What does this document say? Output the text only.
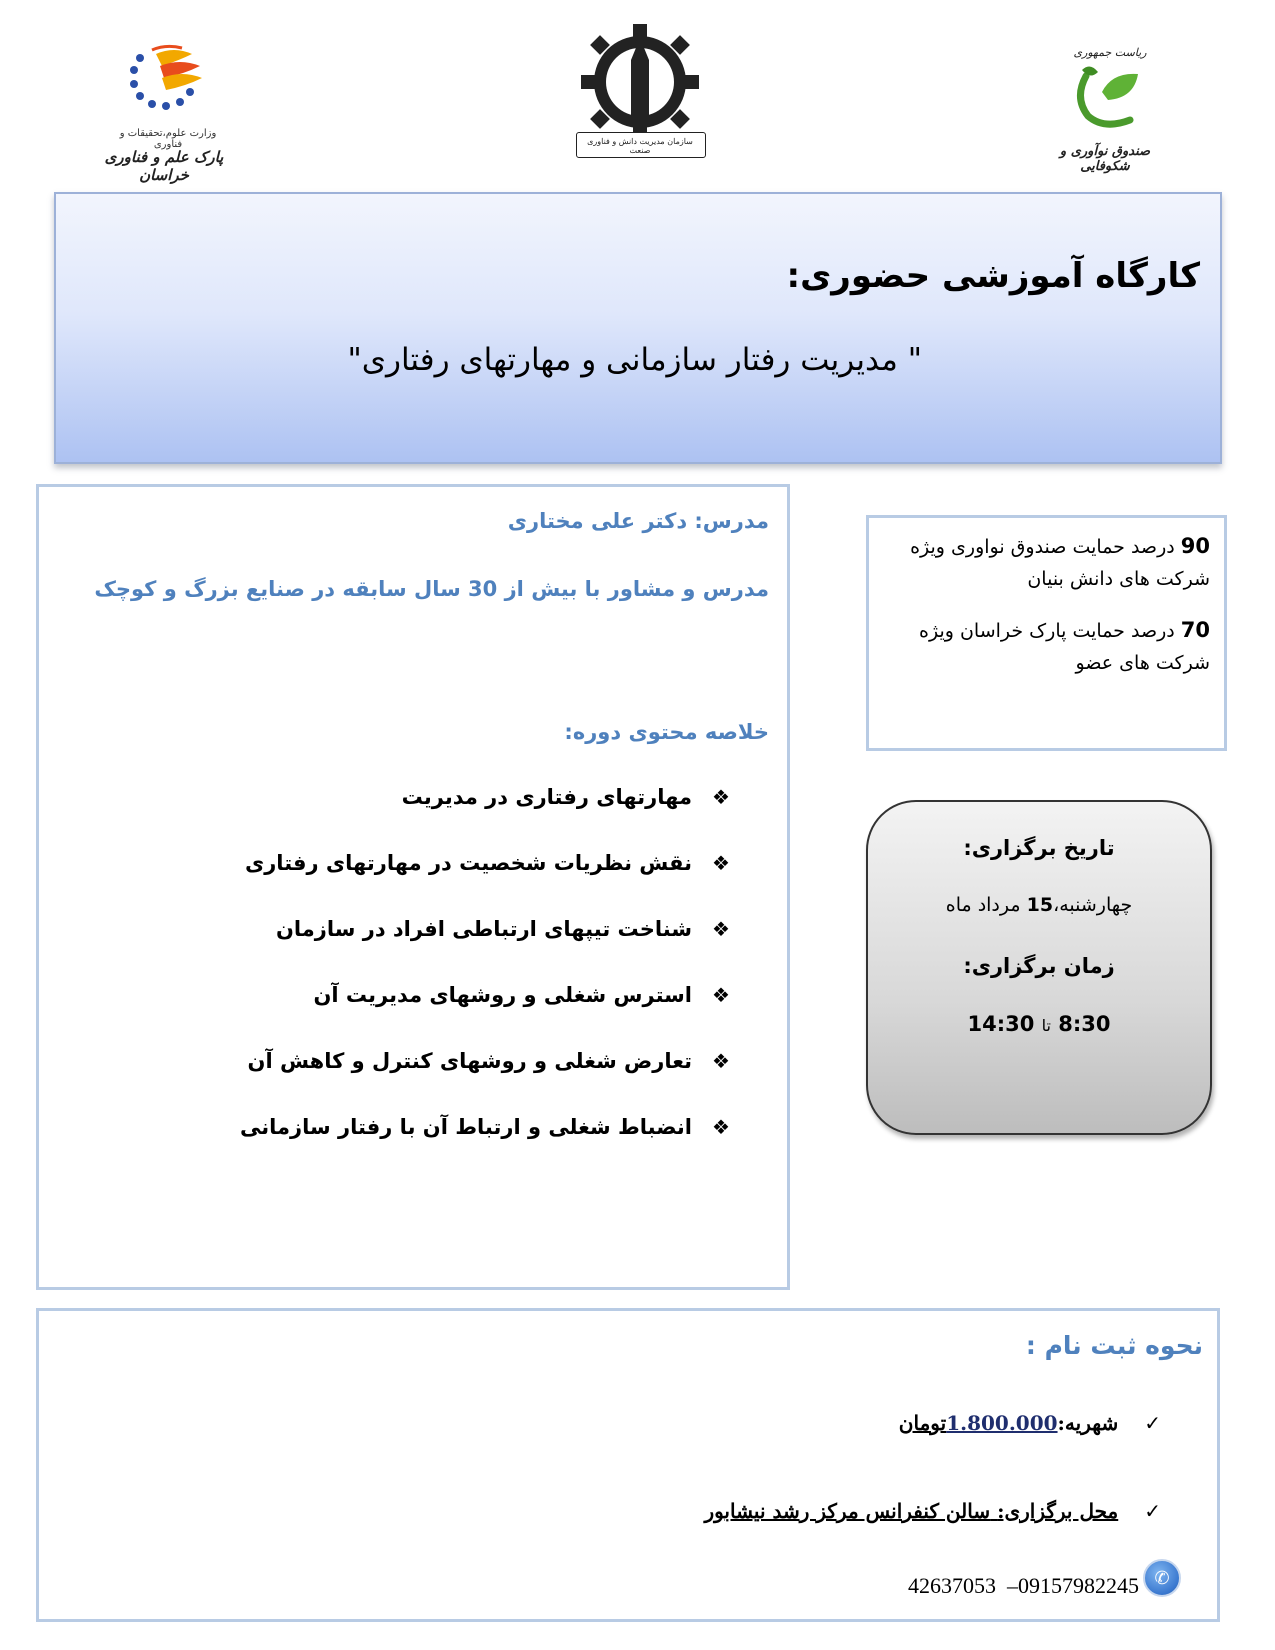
وزارت علوم،تحقیقات و فناوری
پارک علم و فناوری خراسان
سازمان مدیریت دانش و فناوری صنعت
ریاست جمهوری
صندوق نوآوری و شکوفایی
کارگاه آموزشی حضوری:
" مدیریت رفتار سازمانی و مهارتهای رفتاری"
مدرس: دکتر علی مختاری
مدرس و مشاور با بیش از 30 سال سابقه در صنایع بزرگ و کوچک
خلاصه محتوی دوره:
❖
مهارتهای رفتاری در مدیریت
❖
نقش نظریات شخصیت در مهارتهای رفتاری
❖
شناخت تیپهای ارتباطی افراد در سازمان
❖
استرس شغلی و روشهای مدیریت آن
❖
تعارض شغلی و روشهای کنترل و کاهش آن
❖
انضباط شغلی و ارتباط آن با رفتار سازمانی
90 درصد حمایت صندوق نواوری ویژه شرکت های دانش بنیان
70 درصد حمایت پارک خراسان ویژه شرکت های عضو
تاریخ برگزاری:
چهارشنبه،15 مرداد ماه
زمان برگزاری:
8:30 تا 14:30
نحوه ثبت نام :
✓
شهریه:1.800.000تومان
✓
محل برگزاری: سالن کنفرانس مرکز رشد نیشابور
42637053  –09157982245 ✆
